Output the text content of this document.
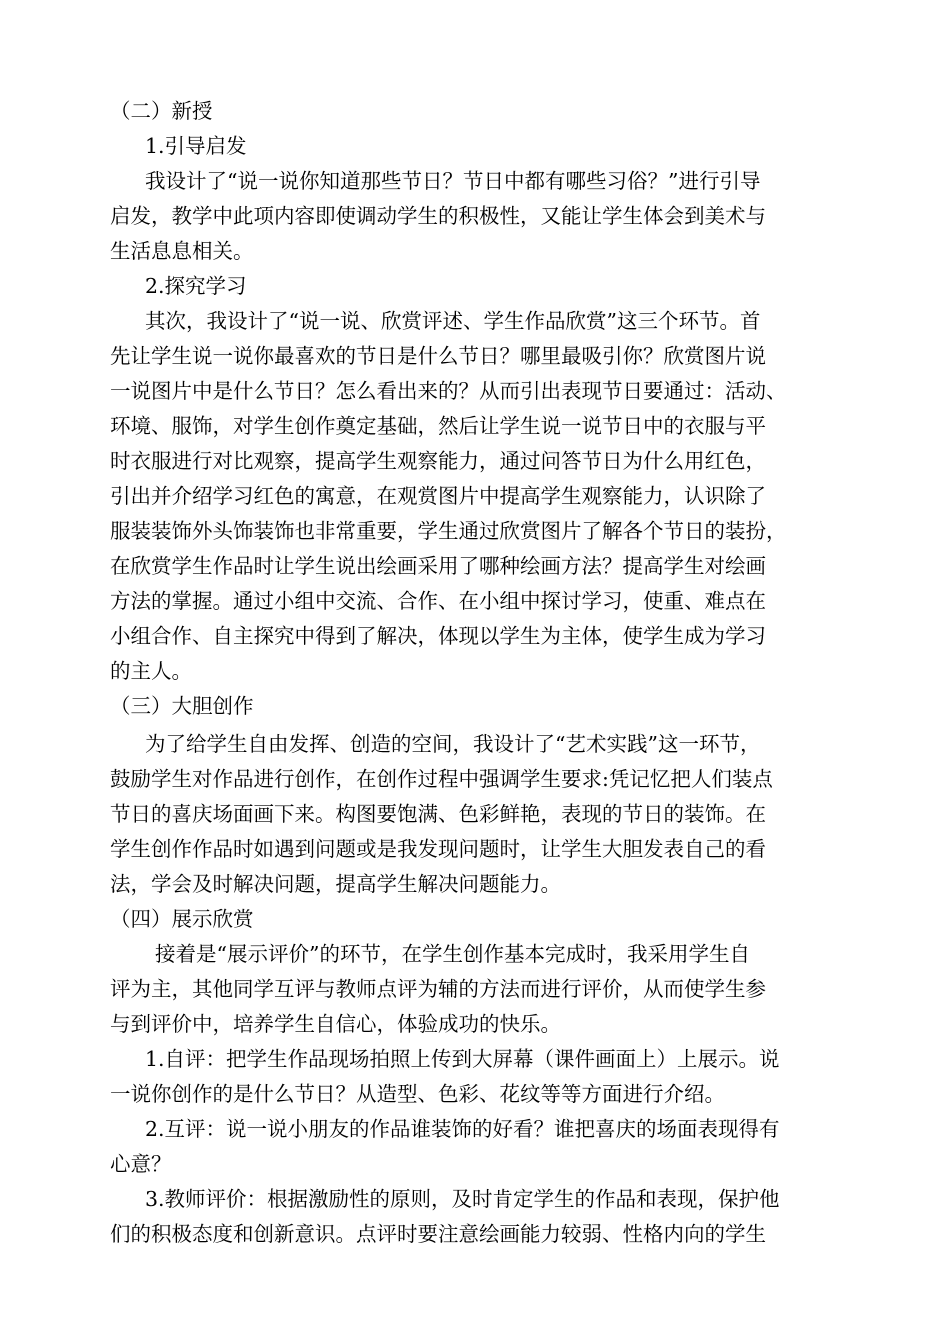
（二）新授
1.引导启发
我设计了“说一说你知道那些节日？节日中都有哪些习俗？”进行引导
启发，教学中此项内容即使调动学生的积极性，又能让学生体会到美术与
生活息息相关。
2.探究学习
其次，我设计了“说一说、欣赏评述、学生作品欣赏”这三个环节。首
先让学生说一说你最喜欢的节日是什么节日？哪里最吸引你？欣赏图片说
一说图片中是什么节日？怎么看出来的？从而引出表现节日要通过：活动、
环境、服饰，对学生创作奠定基础，然后让学生说一说节日中的衣服与平
时衣服进行对比观察，提高学生观察能力，通过问答节日为什么用红色，
引出并介绍学习红色的寓意，在观赏图片中提高学生观察能力，认识除了
服装装饰外头饰装饰也非常重要，学生通过欣赏图片了解各个节日的装扮，
在欣赏学生作品时让学生说出绘画采用了哪种绘画方法？提高学生对绘画
方法的掌握。通过小组中交流、合作、在小组中探讨学习，使重、难点在
小组合作、自主探究中得到了解决，体现以学生为主体，使学生成为学习
的主人。
（三）大胆创作
为了给学生自由发挥、创造的空间，我设计了“艺术实践”这一环节，
鼓励学生对作品进行创作，在创作过程中强调学生要求:凭记忆把人们装点
节日的喜庆场面画下来。构图要饱满、色彩鲜艳，表现的节日的装饰。在
学生创作作品时如遇到问题或是我发现问题时，让学生大胆发表自己的看
法，学会及时解决问题，提高学生解决问题能力。
（四）展示欣赏
接着是“展示评价”的环节，在学生创作基本完成时，我采用学生自
评为主，其他同学互评与教师点评为辅的方法而进行评价，从而使学生参
与到评价中，培养学生自信心，体验成功的快乐。
1.自评：把学生作品现场拍照上传到大屏幕（课件画面上）上展示。说
一说你创作的是什么节日？从造型、色彩、花纹等等方面进行介绍。
2.互评：说一说小朋友的作品谁装饰的好看？谁把喜庆的场面表现得有
心意？
3.教师评价：根据激励性的原则，及时肯定学生的作品和表现，保护他
们的积极态度和创新意识。点评时要注意绘画能力较弱、性格内向的学生
